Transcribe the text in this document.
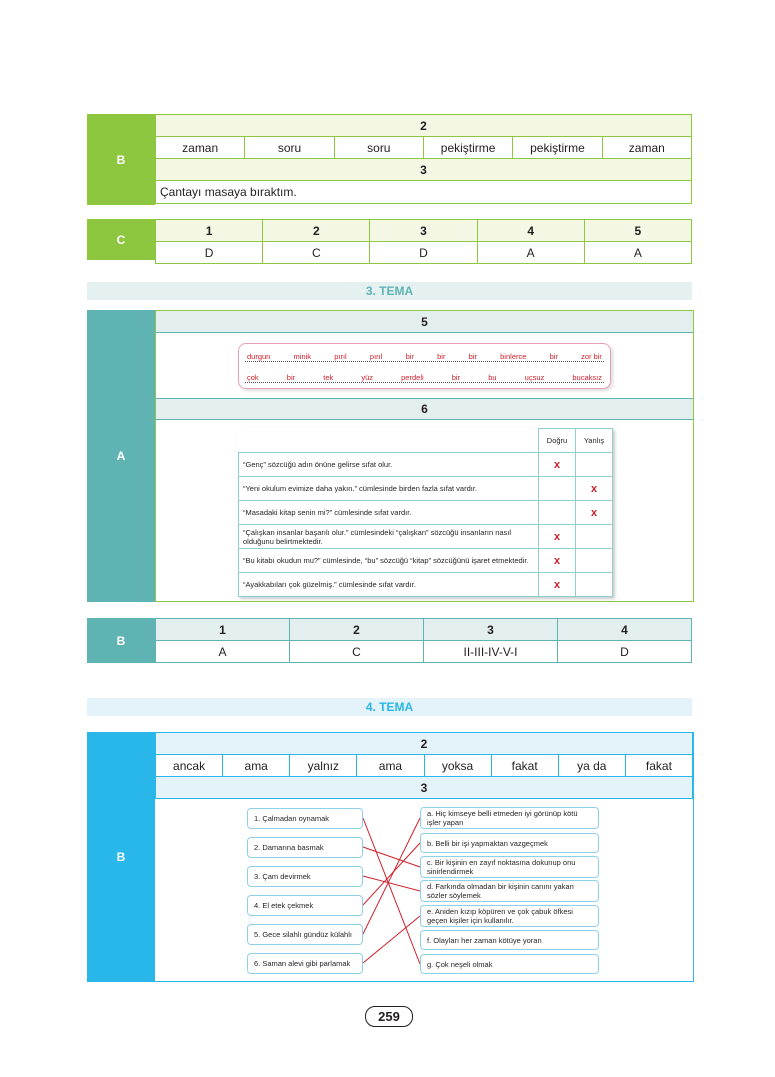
B
2
zaman	soru	soru	pekiştirme	pekiştirme	zaman
3
Çantayı masaya bıraktım.
C
1	2	3	4	5
D	C	D	A	A
3. TEMA
A
5
durgun	minik	pırıl	pırıl	bir	bir	bir	binlerce	bir	zor bir
çok	bir	tek	yüz	perdeli	bir	bu	uçsuz	bucaksız
6
	Doğru	Yanlış
“Genç” sözcüğü adın önüne gelirse sıfat olur.	x	
“Yeni okulum evimize daha yakın.” cümlesinde birden fazla sıfat vardır.		x
“Masadaki kitap senin mi?” cümlesinde sıfat vardır.		x
“Çalışkan insanlar başarılı olur.” cümlesindeki “çalışkan” sözcüğü insanların nasıl olduğunu belirtmektedir.	x	
“Bu kitabı okudun mu?” cümlesinde, “bu” sözcüğü “kitap” sözcüğünü işaret etmektedir.	x	
“Ayakkabıları çok güzelmiş.” cümlesinde sıfat vardır.	x	
B
1	2	3	4
A	C	II-III-IV-V-I	D
4. TEMA
B
2
ancak	ama	yalnız	ama	yoksa	fakat	ya da	fakat
3
1. Çalmadan oynamak
2. Damarına basmak
3. Çam devirmek
4. El etek çekmek
5. Gece silahlı gündüz külahlı
6. Saman alevi gibi parlamak
a. Hiç kimseye belli etmeden iyi görünüp kötü işler yapan
b. Belli bir işi yapmaktan vazgeçmek
c. Bir kişinin en zayıf noktasına dokunup onu sinirlendirmek
d. Farkında olmadan bir kişinin canını yakan sözler söylemek
e. Aniden kızıp köpüren ve çok çabuk öfkesi geçen kişiler için kullanılır.
f. Olayları her zaman kötüye yoran
g. Çok neşeli olmak
259
